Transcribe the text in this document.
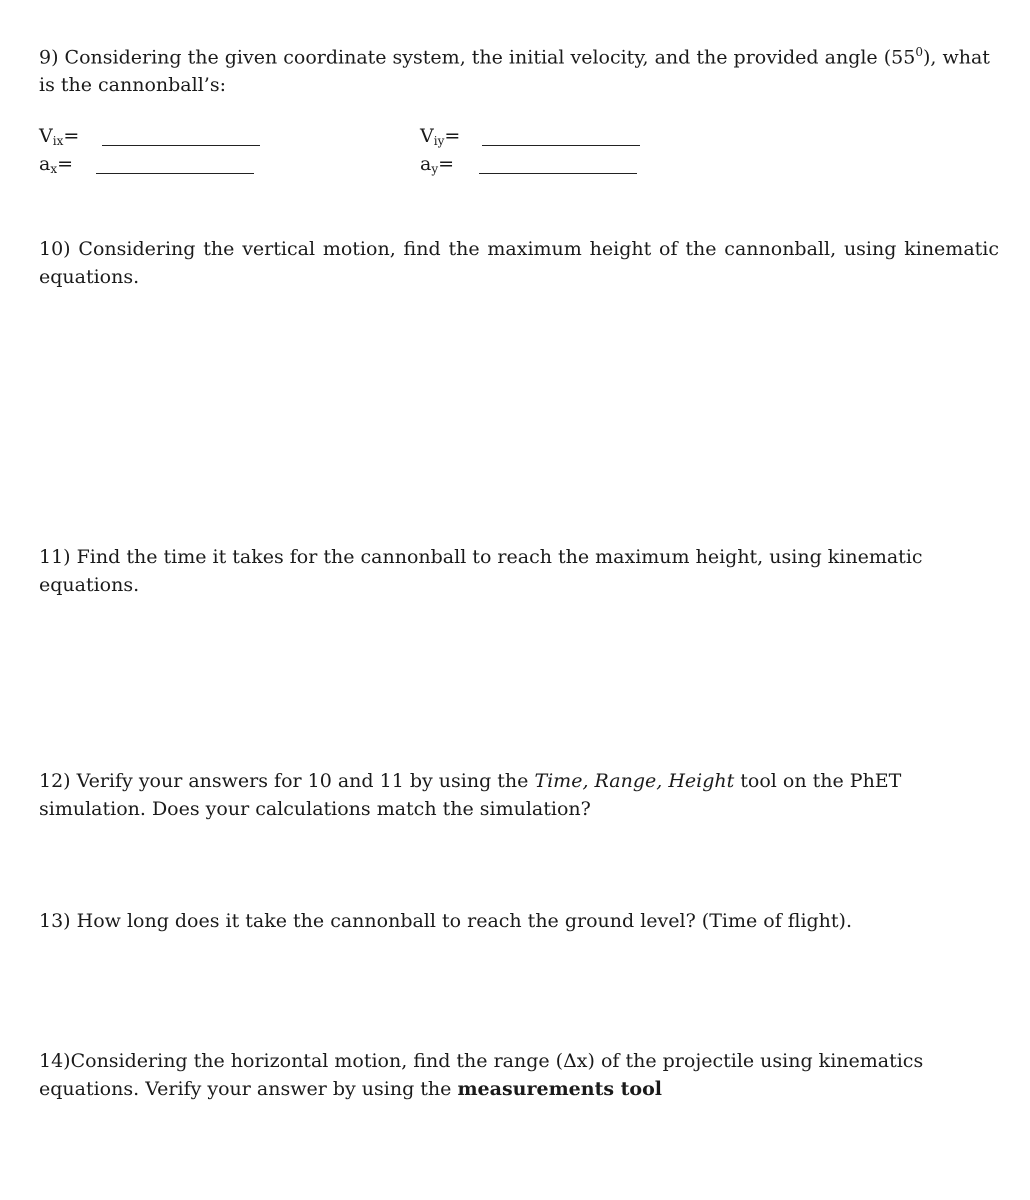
9) Considering the given coordinate system, the initial velocity, and the provided angle $(55^0)$, what is the cannonball’s:

$V_{ix}=$	$V_{iy}=$
$a_x=$	$a_y=$

10) Considering the vertical motion, find the maximum height of the cannonball, using kinematic equations.

11) Find the time it takes for the cannonball to reach the maximum height, using kinematic equations.

12) Verify your answers for 10 and 11 by using the Time, Range, Height tool on the PhET simulation. Does your calculations match the simulation?

13) How long does it take the cannonball to reach the ground level? (Time of flight).

14)Considering the horizontal motion, find the range (Δx) of the projectile using kinematics equations. Verify your answer by using the measurements tool
